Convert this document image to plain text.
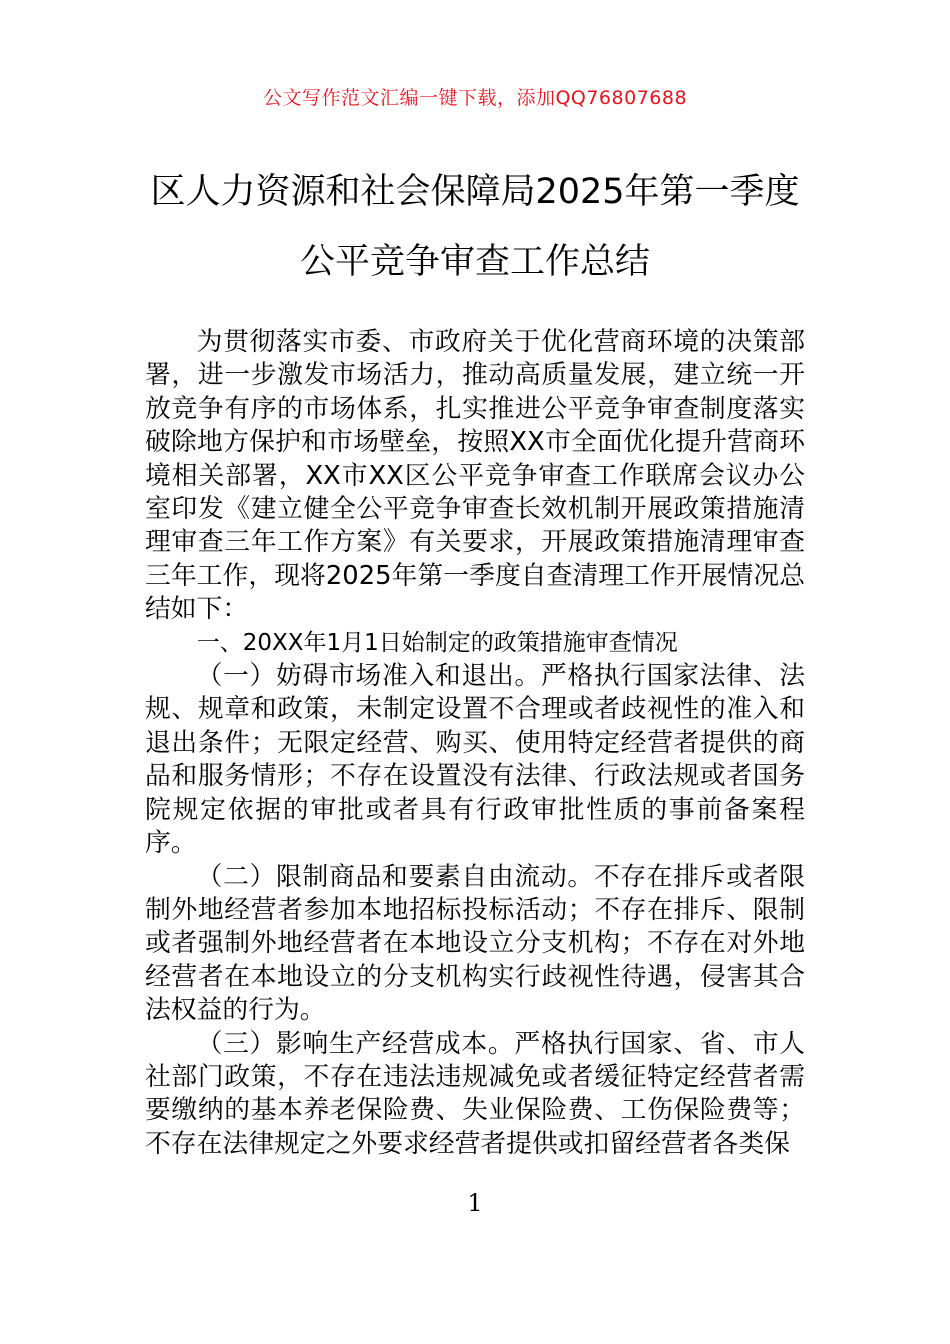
公文写作范文汇编一键下载，添加QQ76807688
区人力资源和社会保障局2025年第一季度
公平竞争审查工作总结

为贯彻落实市委、市政府关于优化营商环境的决策部署，进一步激发市场活力，推动高质量发展，建立统一开放竞争有序的市场体系，扎实推进公平竞争审查制度落实破除地方保护和市场壁垒，按照XX市全面优化提升营商环境相关部署，XX市XX区公平竞争审查工作联席会议办公室印发《建立健全公平竞争审查长效机制开展政策措施清理审查三年工作方案》有关要求，开展政策措施清理审查三年工作，现将2025年第一季度自查清理工作开展情况总结如下：

一、20XX年1月1日始制定的政策措施审查情况

（一）妨碍市场准入和退出。严格执行国家法律、法规、规章和政策，未制定设置不合理或者歧视性的准入和退出条件；无限定经营、购买、使用特定经营者提供的商品和服务情形；不存在设置没有法律、行政法规或者国务院规定依据的审批或者具有行政审批性质的事前备案程序。

（二）限制商品和要素自由流动。不存在排斥或者限制外地经营者参加本地招标投标活动；不存在排斥、限制或者强制外地经营者在本地设立分支机构；不存在对外地经营者在本地设立的分支机构实行歧视性待遇，侵害其合法权益的行为。

（三）影响生产经营成本。严格执行国家、省、市人社部门政策，不存在违法违规减免或者缓征特定经营者需要缴纳的基本养老保险费、失业保险费、工伤保险费等；不存在法律规定之外要求经营者提供或扣留经营者各类保

1
